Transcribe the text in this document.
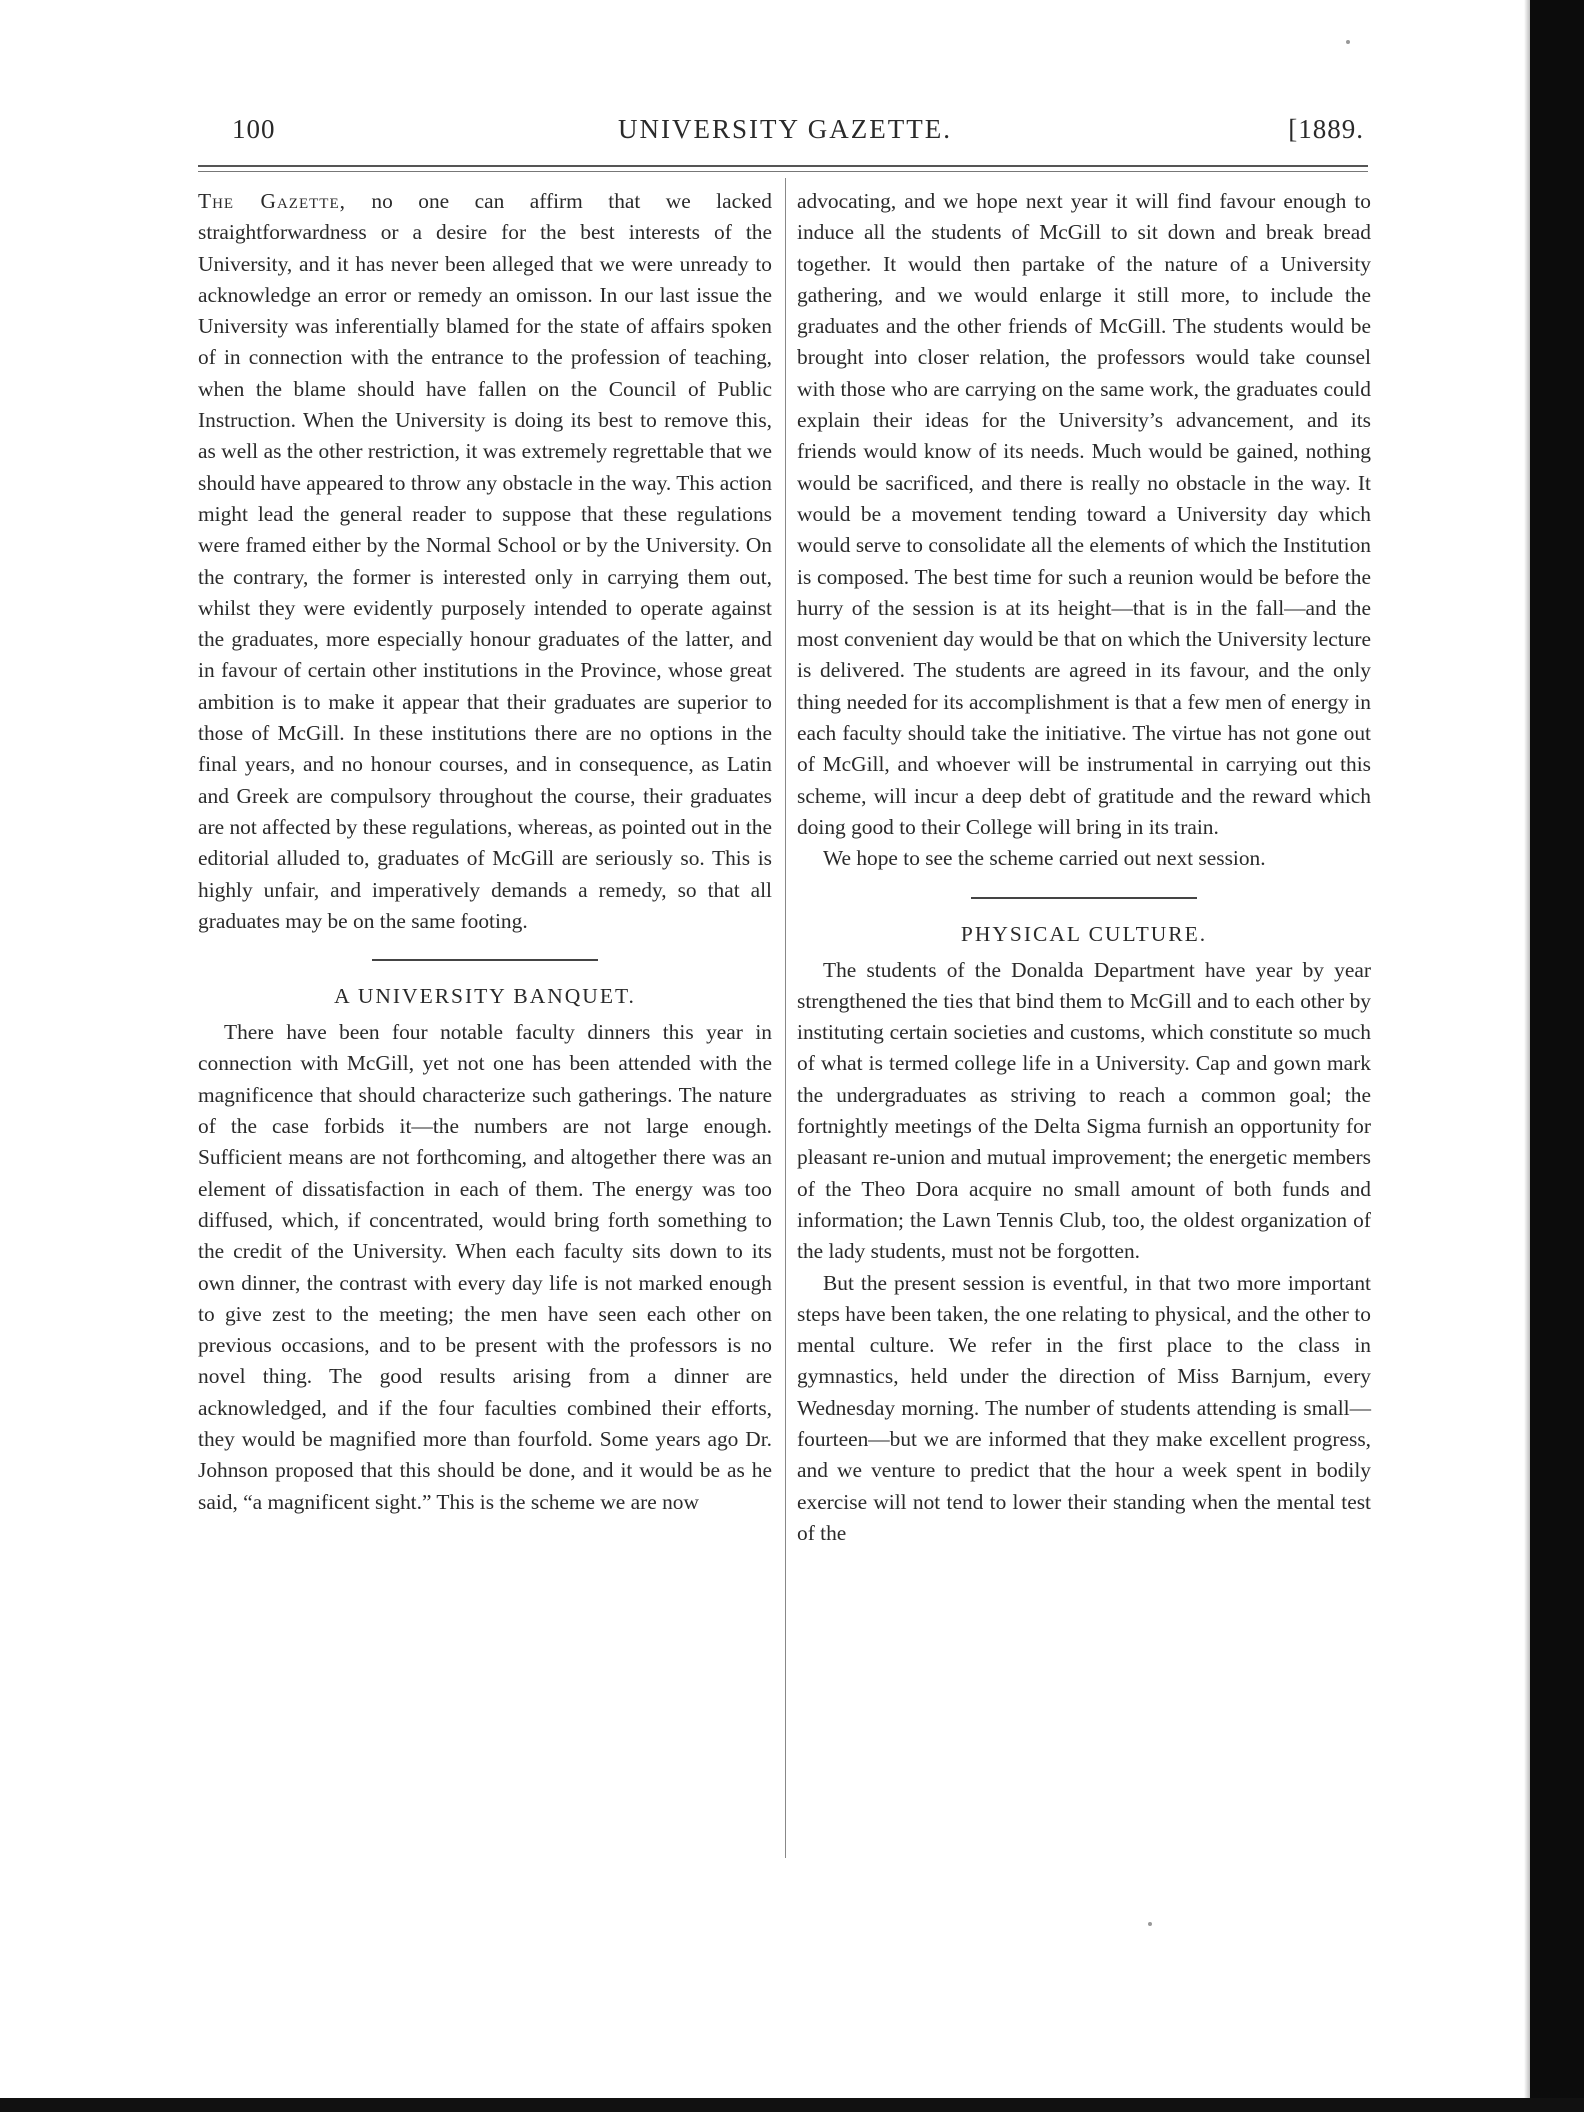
100	UNIVERSITY GAZETTE.	[1889.

The Gazette, no one can affirm that we lacked straightforwardness or a desire for the best interests of the University, and it has never been alleged that we were unready to acknowledge an error or remedy an omisson. In our last issue the University was inferentially blamed for the state of affairs spoken of in connection with the entrance to the profession of teaching, when the blame should have fallen on the Council of Public Instruction. When the University is doing its best to remove this, as well as the other restriction, it was extremely regrettable that we should have appeared to throw any obstacle in the way. This action might lead the general reader to suppose that these regulations were framed either by the Normal School or by the University. On the contrary, the former is interested only in carrying them out, whilst they were evidently purposely intended to operate against the graduates, more especially honour graduates of the latter, and in favour of certain other institutions in the Province, whose great ambition is to make it appear that their graduates are superior to those of McGill. In these institutions there are no options in the final years, and no honour courses, and in consequence, as Latin and Greek are compulsory throughout the course, their graduates are not affected by these regulations, whereas, as pointed out in the editorial alluded to, graduates of McGill are seriously so. This is highly unfair, and imperatively demands a remedy, so that all graduates may be on the same footing.

A UNIVERSITY BANQUET.

There have been four notable faculty dinners this year in connection with McGill, yet not one has been attended with the magnificence that should characterize such gatherings. The nature of the case forbids it—the numbers are not large enough. Sufficient means are not forthcoming, and altogether there was an element of dissatisfaction in each of them. The energy was too diffused, which, if concentrated, would bring forth something to the credit of the University. When each faculty sits down to its own dinner, the contrast with every day life is not marked enough to give zest to the meeting; the men have seen each other on previous occasions, and to be present with the professors is no novel thing. The good results arising from a dinner are acknowledged, and if the four faculties combined their efforts, they would be magnified more than fourfold. Some years ago Dr. Johnson proposed that this should be done, and it would be as he said, “a magnificent sight.” This is the scheme we are now

advocating, and we hope next year it will find favour enough to induce all the students of McGill to sit down and break bread together. It would then partake of the nature of a University gathering, and we would enlarge it still more, to include the graduates and the other friends of McGill. The students would be brought into closer relation, the professors would take counsel with those who are carrying on the same work, the graduates could explain their ideas for the University’s advancement, and its friends would know of its needs. Much would be gained, nothing would be sacrificed, and there is really no obstacle in the way. It would be a movement tending toward a University day which would serve to consolidate all the elements of which the Institution is composed. The best time for such a reunion would be before the hurry of the session is at its height—that is in the fall—and the most convenient day would be that on which the University lecture is delivered. The students are agreed in its favour, and the only thing needed for its accomplishment is that a few men of energy in each faculty should take the initiative. The virtue has not gone out of McGill, and whoever will be instrumental in carrying out this scheme, will incur a deep debt of gratitude and the reward which doing good to their College will bring in its train.

We hope to see the scheme carried out next session.

PHYSICAL CULTURE.

The students of the Donalda Department have year by year strengthened the ties that bind them to McGill and to each other by instituting certain societies and customs, which constitute so much of what is termed college life in a University. Cap and gown mark the undergraduates as striving to reach a common goal; the fortnightly meetings of the Delta Sigma furnish an opportunity for pleasant re-union and mutual improvement; the energetic members of the Theo Dora acquire no small amount of both funds and information; the Lawn Tennis Club, too, the oldest organization of the lady students, must not be forgotten.

But the present session is eventful, in that two more important steps have been taken, the one relating to physical, and the other to mental culture. We refer in the first place to the class in gymnastics, held under the direction of Miss Barnjum, every Wednesday morning. The number of students attending is small—fourteen—but we are informed that they make excellent progress, and we venture to predict that the hour a week spent in bodily exercise will not tend to lower their standing when the mental test of the
